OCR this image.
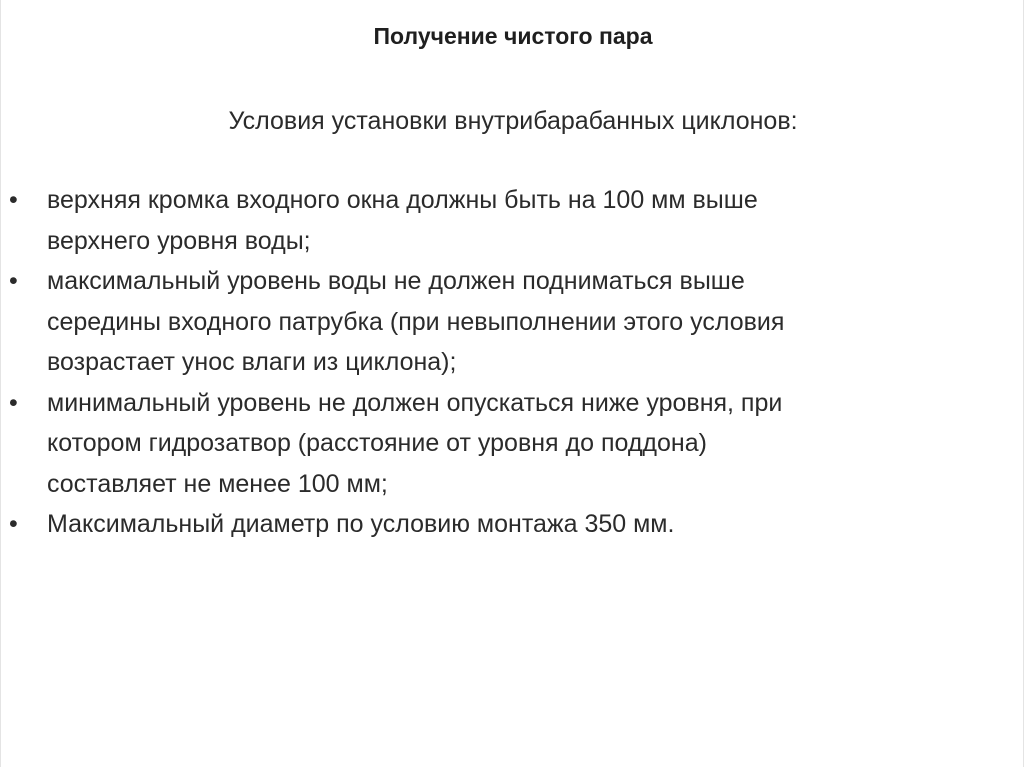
Получение чистого пара
Условия установки внутрибарабанных циклонов:
• верхняя кромка входного окна должны быть на 100 мм выше
верхнего уровня воды;
• максимальный уровень воды не должен подниматься выше
середины входного патрубка (при невыполнении этого условия
возрастает унос влаги из циклона);
• минимальный уровень не должен опускаться ниже уровня, при
котором гидрозатвор (расстояние от уровня до поддона)
составляет не менее 100 мм;
• Максимальный диаметр по условию монтажа 350 мм.
